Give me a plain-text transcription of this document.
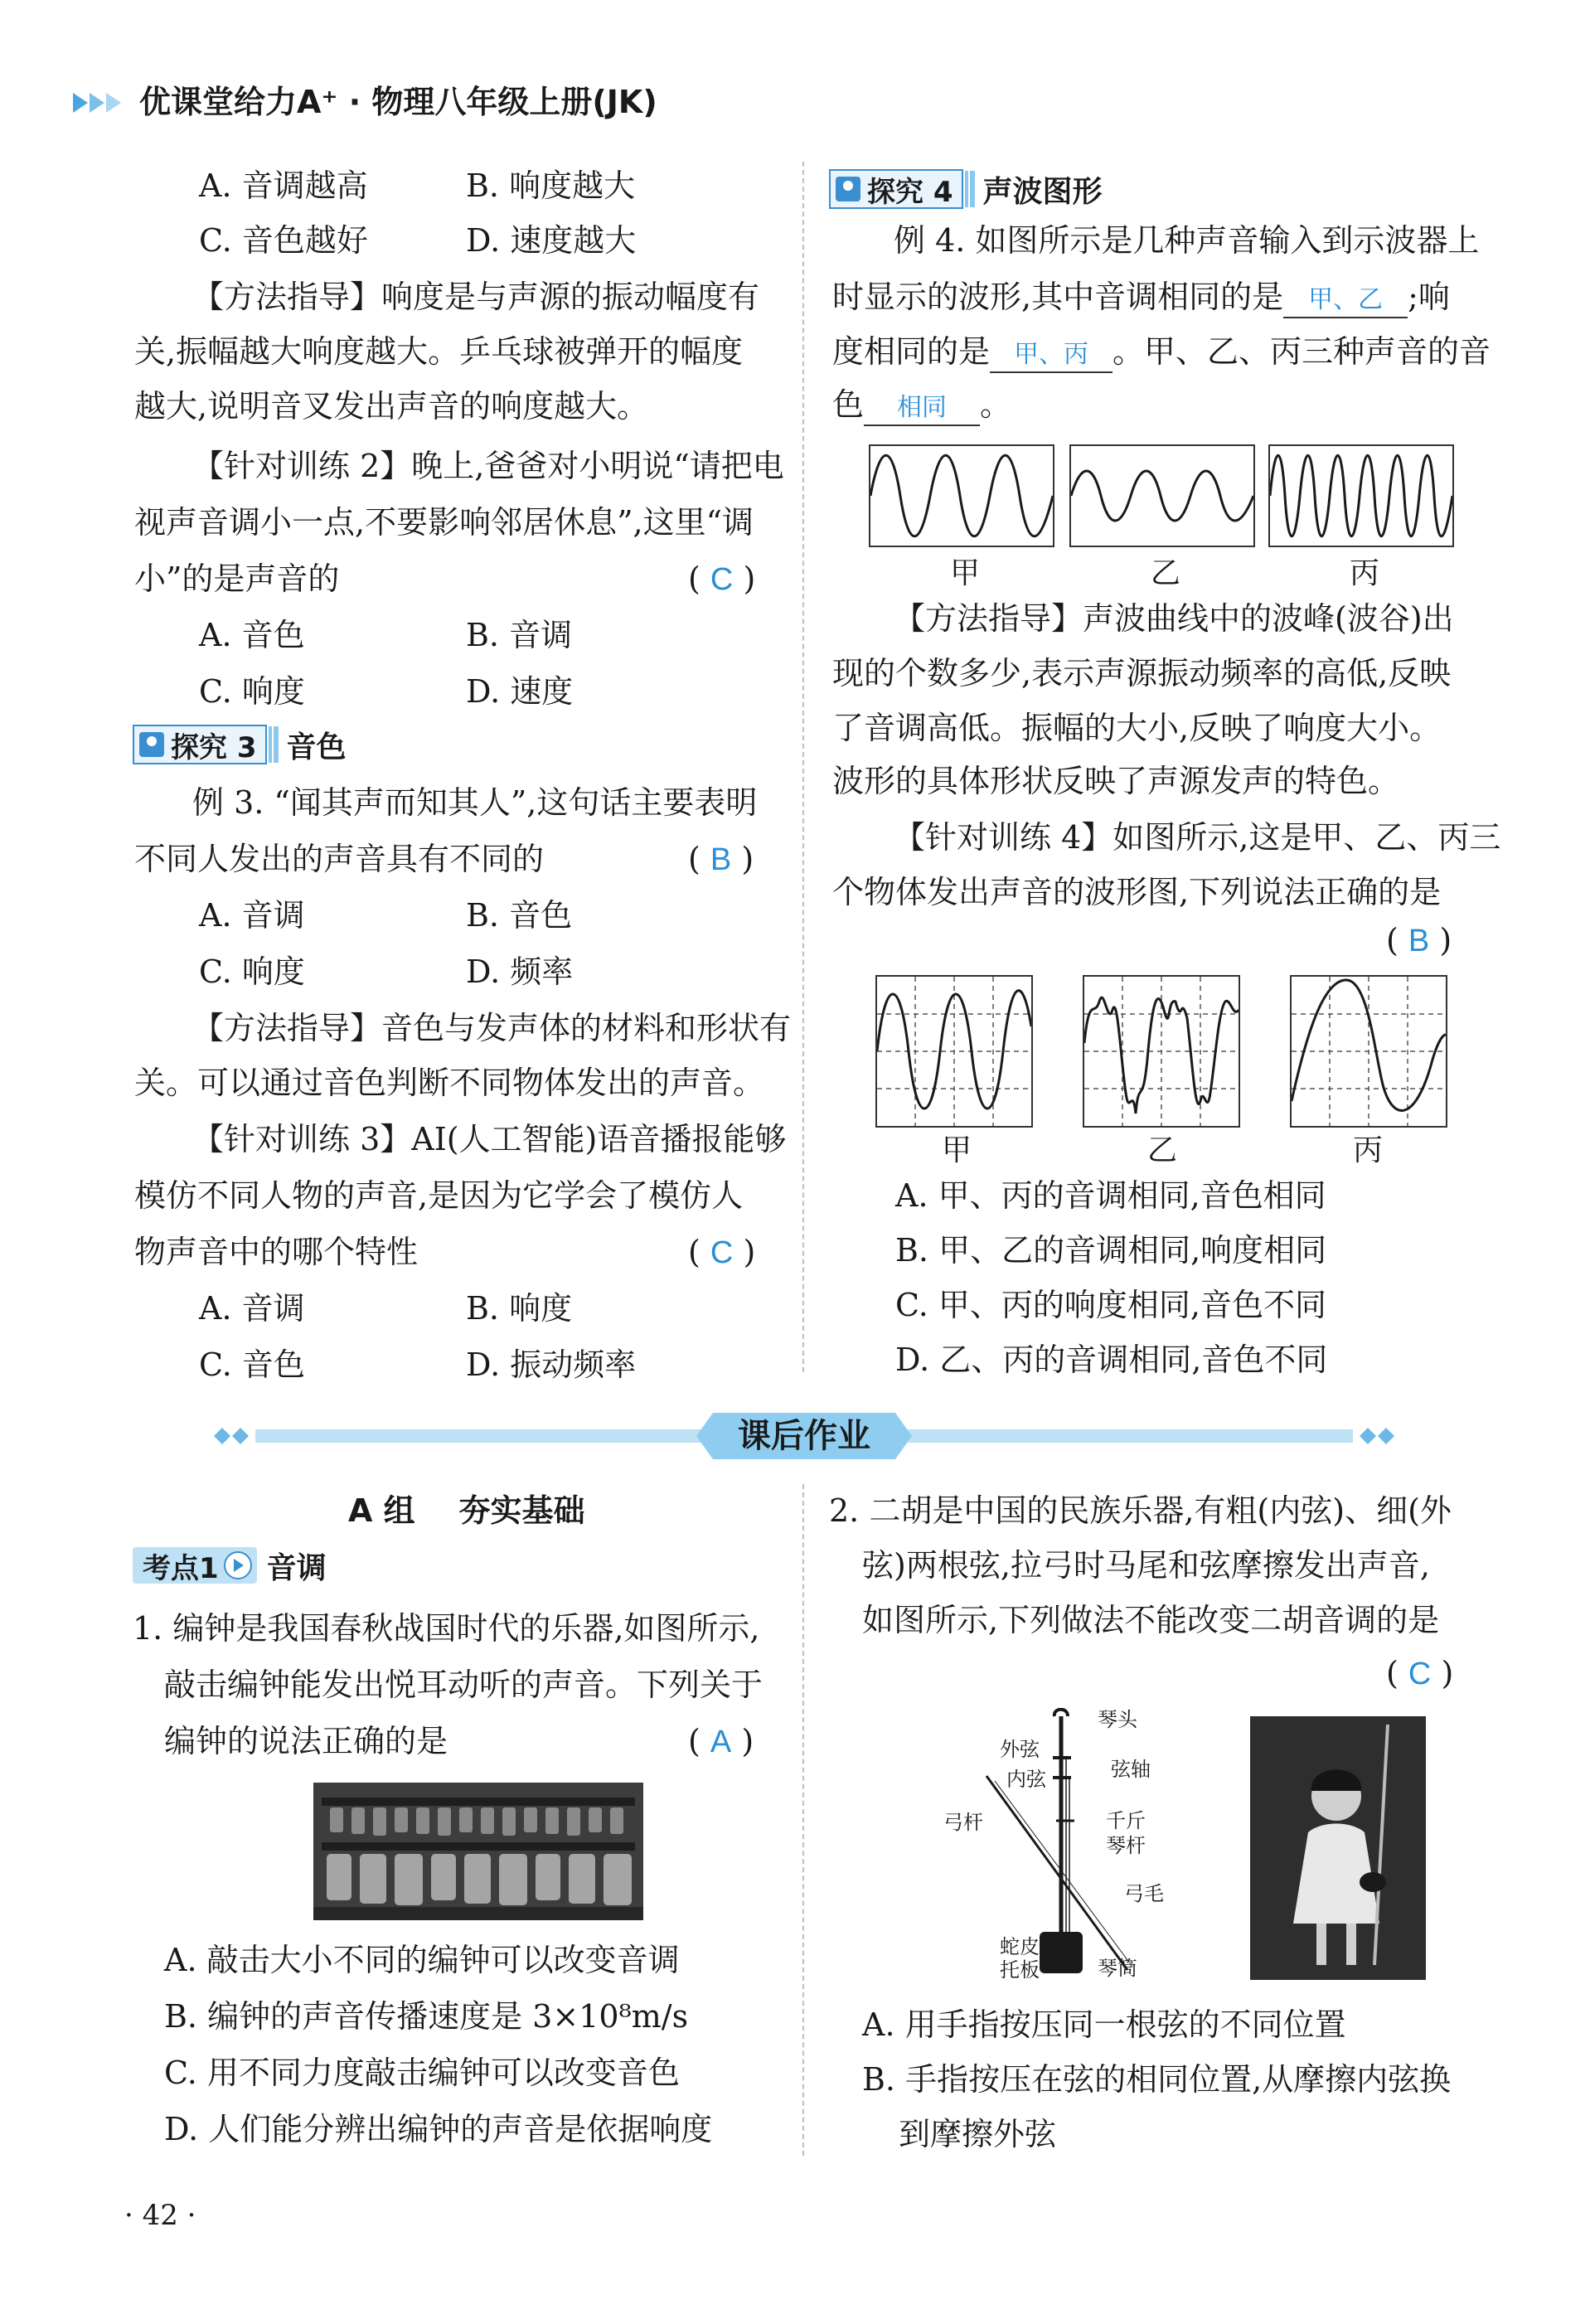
优课堂给力A⁺ · 物理八年级上册(JK)
A. 音调越高	B. 响度越大
C. 音色越好	D. 速度越大
【方法指导】响度是与声源的振动幅度有
关,振幅越大响度越大。乒乓球被弹开的幅度
越大,说明音叉发出声音的响度越大。
【针对训练 2】晚上,爸爸对小明说“请把电
视声音调小一点,不要影响邻居休息”,这里“调
小”的是声音的	( C )
A. 音色	B. 音调
C. 响度	D. 速度
探究 3 音色
例 3. “闻其声而知其人”,这句话主要表明
不同人发出的声音具有不同的	( B )
A. 音调	B. 音色
C. 响度	D. 频率
【方法指导】音色与发声体的材料和形状有
关。可以通过音色判断不同物体发出的声音。
【针对训练 3】AI(人工智能)语音播报能够
模仿不同人物的声音,是因为它学会了模仿人
物声音中的哪个特性	( C )
A. 音调	B. 响度
C. 音色	D. 振动频率
探究 4 声波图形
例 4. 如图所示是几种声音输入到示波器上
时显示的波形,其中音调相同的是 甲、乙 ;响
度相同的是 甲、丙 。甲、乙、丙三种声音的音
色 相同 。
甲	乙	丙
【方法指导】声波曲线中的波峰(波谷)出
现的个数多少,表示声源振动频率的高低,反映
了音调高低。振幅的大小,反映了响度大小。
波形的具体形状反映了声源发声的特色。
【针对训练 4】如图所示,这是甲、乙、丙三
个物体发出声音的波形图,下列说法正确的是
( B )
甲	乙	丙
A. 甲、丙的音调相同,音色相同
B. 甲、乙的音调相同,响度相同
C. 甲、丙的响度相同,音色不同
D. 乙、丙的音调相同,音色不同
课后作业
A 组    夯实基础
考点1 音调
1. 编钟是我国春秋战国时代的乐器,如图所示,
敲击编钟能发出悦耳动听的声音。下列关于
编钟的说法正确的是	( A )
A. 敲击大小不同的编钟可以改变音调
B. 编钟的声音传播速度是 3×10⁸m/s
C. 用不同力度敲击编钟可以改变音色
D. 人们能分辨出编钟的声音是依据响度
2. 二胡是中国的民族乐器,有粗(内弦)、细(外
弦)两根弦,拉弓时马尾和弦摩擦发出声音,
如图所示,下列做法不能改变二胡音调的是
( C )
琴头
外弦
弦轴
内弦
千斤
弓杆
琴杆
弓毛
蛇皮
托板	琴筒
A. 用手指按压同一根弦的不同位置
B. 手指按压在弦的相同位置,从摩擦内弦换
到摩擦外弦
· 42 ·
